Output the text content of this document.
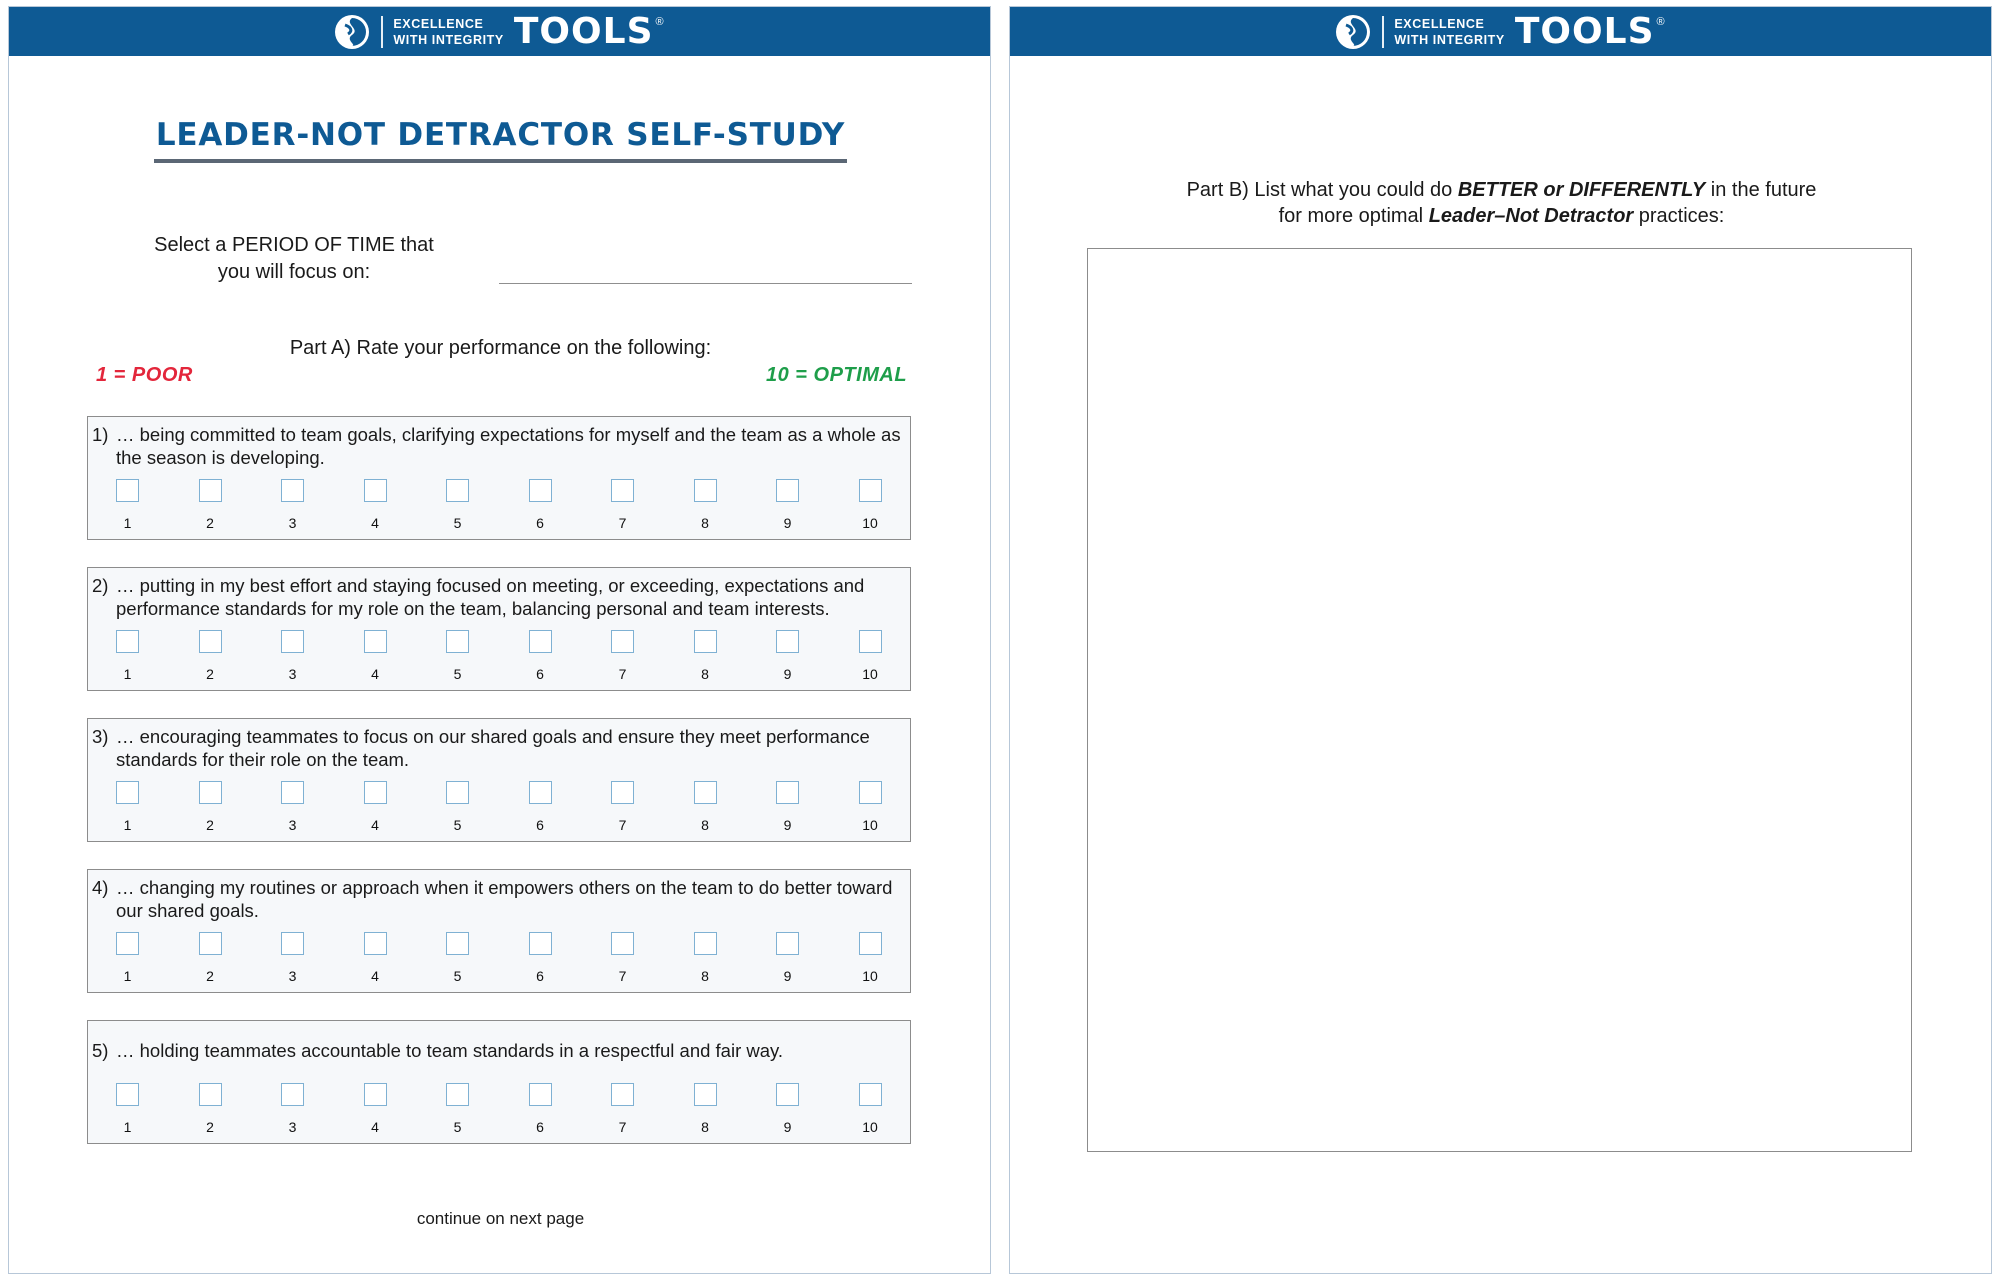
EXCELLENCE
WITH INTEGRITY TOOLS ®
LEADER-NOT DETRACTOR SELF-STUDY
Select a PERIOD OF TIME that
you will focus on:
Part A) Rate your performance on the following:
1 = POOR	10 = OPTIMAL
1) … being committed to team goals, clarifying expectations for myself and the team as a whole as the season is developing.
1	2	3	4	5	6	7	8	9	10
2) … putting in my best effort and staying focused on meeting, or exceeding, expectations and performance standards for my role on the team, balancing personal and team interests.
1	2	3	4	5	6	7	8	9	10
3) … encouraging teammates to focus on our shared goals and ensure they meet performance standards for their role on the team.
1	2	3	4	5	6	7	8	9	10
4) … changing my routines or approach when it empowers others on the team to do better toward our shared goals.
1	2	3	4	5	6	7	8	9	10
5) … holding teammates accountable to team standards in a respectful and fair way.
1	2	3	4	5	6	7	8	9	10
continue on next page
EXCELLENCE
WITH INTEGRITY TOOLS ®
Part B) List what you could do BETTER or DIFFERENTLY in the future
for more optimal Leader–Not Detractor practices:
